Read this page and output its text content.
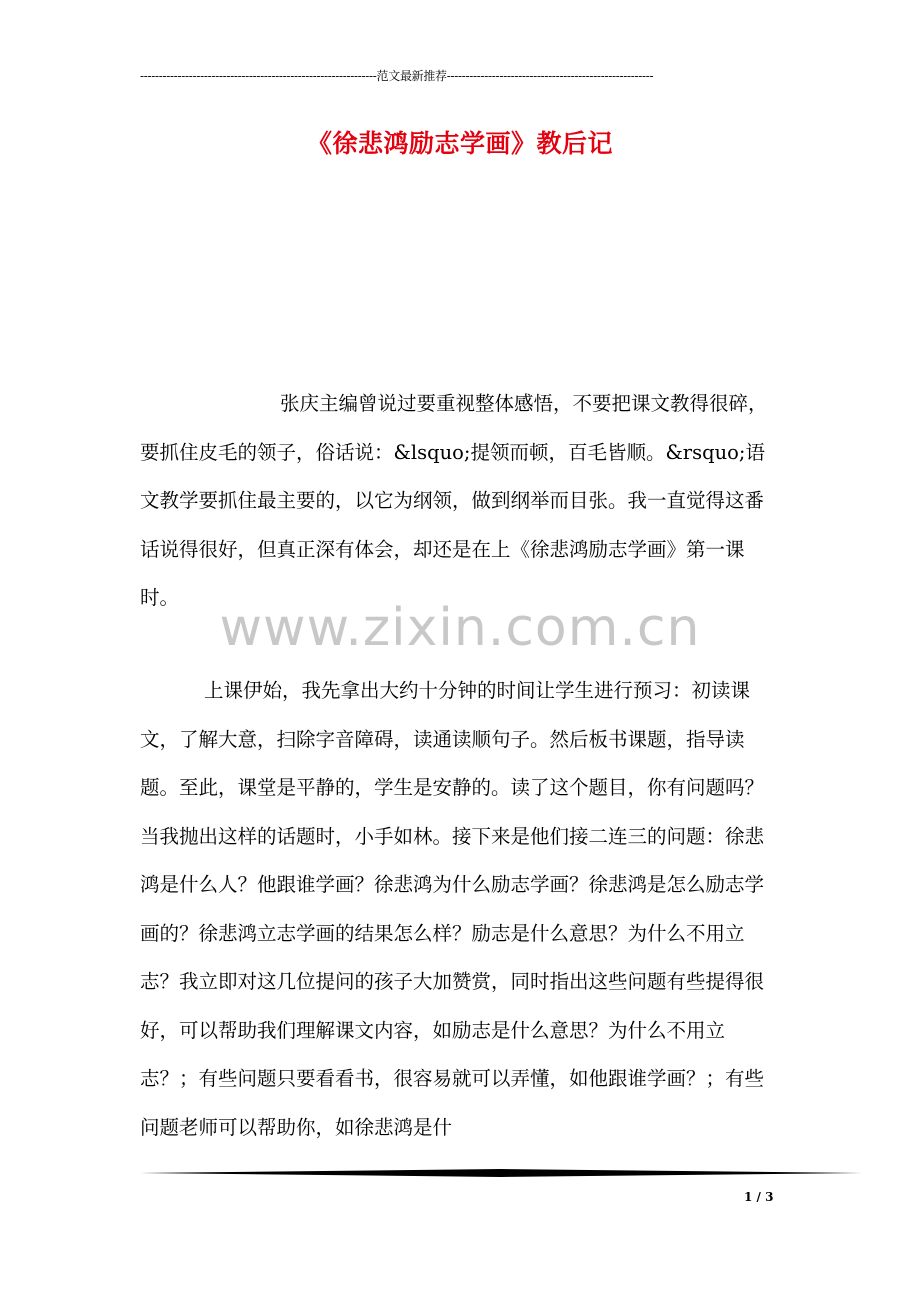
---------------------------------------------------------------范文最新推荐-------------------------------------------------------
《徐悲鸿励志学画》教后记

张庆主编曾说过要重视整体感悟，不要把课文教得很碎，要抓住皮毛的领子，俗话说：&lsquo;提领而顿，百毛皆顺。&rsquo;语文教学要抓住最主要的，以它为纲领，做到纲举而目张。我一直觉得这番话说得很好，但真正深有体会，却还是在上《徐悲鸿励志学画》第一课时。

www.zixin.com.cn

上课伊始，我先拿出大约十分钟的时间让学生进行预习：初读课文，了解大意，扫除字音障碍，读通读顺句子。然后板书课题，指导读题。至此，课堂是平静的，学生是安静的。读了这个题目，你有问题吗？当我抛出这样的话题时，小手如林。接下来是他们接二连三的问题：徐悲鸿是什么人？他跟谁学画？徐悲鸿为什么励志学画？徐悲鸿是怎么励志学画的？徐悲鸿立志学画的结果怎么样？励志是什么意思？为什么不用立志？我立即对这几位提问的孩子大加赞赏，同时指出这些问题有些提得很好，可以帮助我们理解课文内容，如励志是什么意思？为什么不用立志？；有些问题只要看看书，很容易就可以弄懂，如他跟谁学画？；有些问题老师可以帮助你，如徐悲鸿是什

1 / 3
